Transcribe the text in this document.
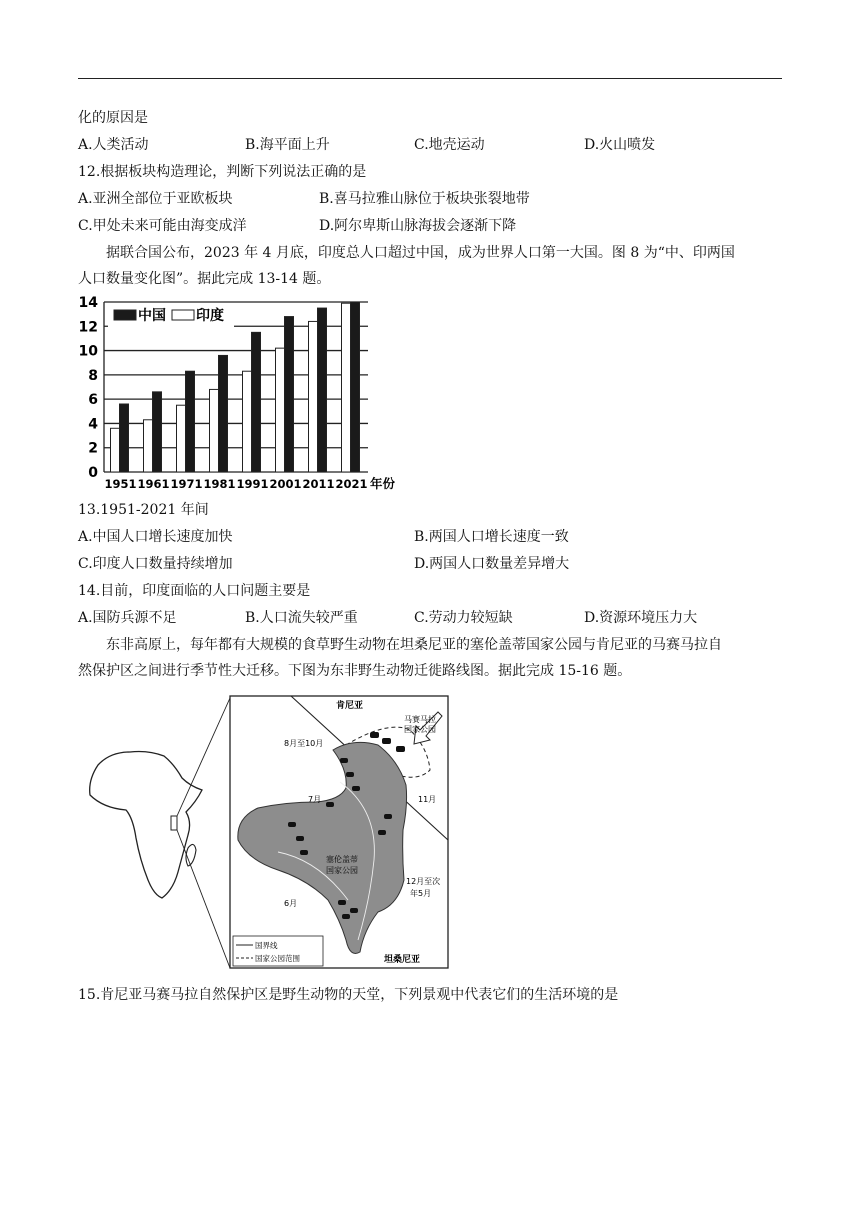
化的原因是
A.人类活动	B.海平面上升	C.地壳运动	D.火山喷发
12.根据板块构造理论，判断下列说法正确的是
A.亚洲全部位于亚欧板块	B.喜马拉雅山脉位于板块张裂地带
C.甲处未来可能由海变成洋	D.阿尔卑斯山脉海拔会逐渐下降
据联合国公布，2023 年 4 月底，印度总人口超过中国，成为世界人口第一大国。图 8 为“中、印两国
人口数量变化图”。据此完成 13-14 题。
0
2
4
6
8
10
12
14
1951 1961 1971 1981 1991 2001 2011 2021 年份
中国 印度
13.1951-2021 年间
A.中国人口增长速度加快	B.两国人口增长速度一致
C.印度人口数量持续增加	D.两国人口数量差异增大
14.目前，印度面临的人口问题主要是
A.国防兵源不足	B.人口流失较严重	C.劳动力较短缺	D.资源环境压力大
东非高原上，每年都有大规模的食草野生动物在坦桑尼亚的塞伦盖蒂国家公园与肯尼亚的马赛马拉自
然保护区之间进行季节性大迁移。下图为东非野生动物迁徙路线图。据此完成 15-16 题。
肯尼亚
马赛马拉
国家公园
8月至10月
7月	11月
塞伦盖蒂
国家公园
6月
12月至次
年5月
坦桑尼亚
国界线
国家公园范围
15.肯尼亚马赛马拉自然保护区是野生动物的天堂，下列景观中代表它们的生活环境的是
